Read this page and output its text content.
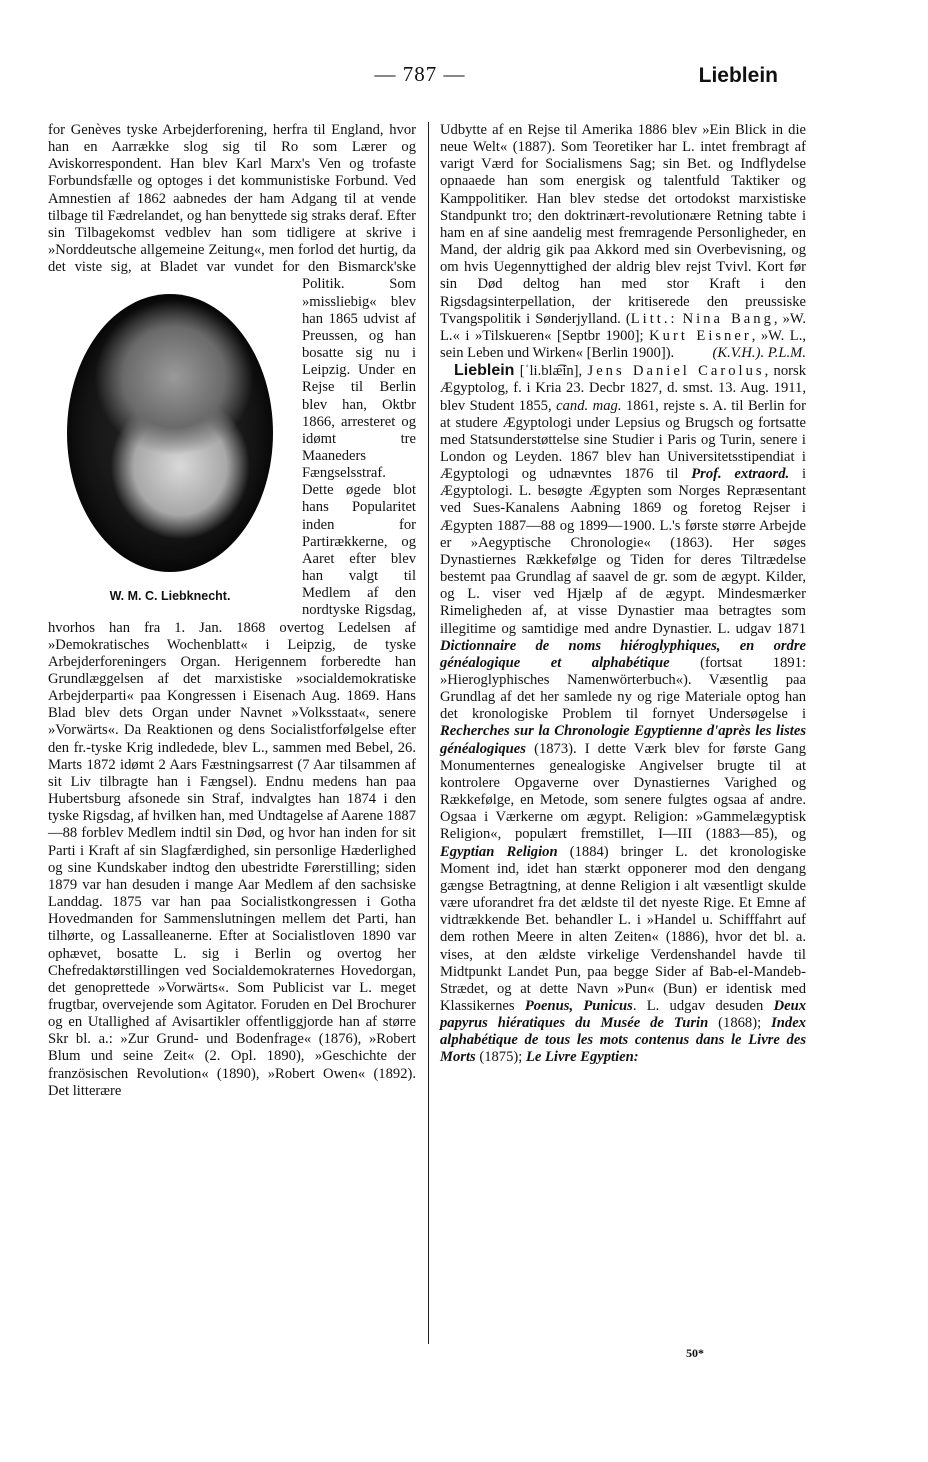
— 787 —	Lieblein

for Genèves tyske Arbejderforening, herfra til England, hvor han en Aarrække slog sig til Ro som Lærer og Aviskorrespondent. Han blev Karl Marx's Ven og trofaste Forbundsfælle og optoges i det kommunistiske Forbund. Ved Amnestien af 1862 aabnedes der ham Adgang til at vende tilbage til Fædrelandet, og han benyttede sig straks deraf. Efter sin Tilbagekomst vedblev han som tidligere at skrive i »Norddeutsche allgemeine Zeitung«, men forlod det hurtig, da det viste sig, at Bladet var
W. M. C. Liebknecht.
vundet for den Bismarck'ske Politik. Som »missliebig« blev han 1865 udvist af Preussen, og han bosatte sig nu i Leipzig. Under en Rejse til Berlin blev han, Oktbr 1866, arresteret og idømt tre Maaneders Fængselsstraf. Dette øgede blot hans Popularitet inden for Partirækkerne, og Aaret efter blev han valgt til Medlem af den nordtyske Rigsdag, hvorhos han fra 1. Jan. 1868 overtog Ledelsen af »Demokratisches Wochenblatt« i Leipzig, de tyske Arbejderforeningers Organ. Herigennem forberedte han Grundlæggelsen af det marxistiske »socialdemokratiske Arbejderparti« paa Kongressen i Eisenach Aug. 1869. Hans Blad blev dets Organ under Navnet »Volksstaat«, senere »Vorwärts«. Da Reaktionen og dens Socialistforfølgelse efter den fr.-tyske Krig indledede, blev L., sammen med Bebel, 26. Marts 1872 idømt 2 Aars Fæstningsarrest (7 Aar tilsammen af sit Liv tilbragte han i Fængsel). Endnu medens han paa Hubertsburg afsonede sin Straf, indvalgtes han 1874 i den tyske Rigsdag, af hvilken han, med Undtagelse af Aarene 1887—88 forblev Medlem indtil sin Død, og hvor han inden for sit Parti i Kraft af sin Slagfærdighed, sin personlige Hæderlighed og sine Kundskaber indtog den ubestridte Førerstilling; siden 1879 var han desuden i mange Aar Medlem af den sachsiske Landdag. 1875 var han paa Socialistkongressen i Gotha Hovedmanden for Sammenslutningen mellem det Parti, han tilhørte, og Lassalleanerne. Efter at Socialistloven 1890 var ophævet, bosatte L. sig i Berlin og overtog her Chefredaktørstillingen ved Socialdemokraternes Hovedorgan, det genoprettede »Vorwärts«. Som Publicist var L. meget frugtbar, overvejende som Agitator. Foruden en Del Brochurer og en Utallighed af Avisartikler offentliggjorde han af større Skr bl. a.: »Zur Grund- und Bodenfrage« (1876), »Robert Blum und seine Zeit« (2. Opl. 1890), »Geschichte der französischen Revolution« (1890), »Robert Owen« (1892). Det litterære

Udbytte af en Rejse til Amerika 1886 blev »Ein Blick in die neue Welt« (1887). Som Teoretiker har L. intet frembragt af varigt Værd for Socialismens Sag; sin Bet. og Indflydelse opnaaede han som energisk og talentfuld Taktiker og Kamppolitiker. Han blev stedse det ortodokst marxistiske Standpunkt tro; den doktrinært-revolutionære Retning tabte i ham en af sine aandelig mest fremragende Personligheder, en Mand, der aldrig gik paa Akkord med sin Overbevisning, og om hvis Uegennyttighed der aldrig blev rejst Tvivl. Kort før sin Død deltog han med stor Kraft i den Rigsdagsinterpellation, der kritiserede den preussiske Tvangspolitik i Sønderjylland. (Litt.: Nina Bang, »W. L.« i »Tilskueren« [Septbr 1900]; Kurt Eisner, »W. L., sein Leben und Wirken« [Berlin 1900]).	(K.V.H.). P.L.M.

Lieblein [ˈli.blæ͡in], Jens Daniel Carolus, norsk Ægyptolog, f. i Kria 23. Decbr 1827, d. smst. 13. Aug. 1911, blev Student 1855, cand. mag. 1861, rejste s. A. til Berlin for at studere Ægyptologi under Lepsius og Brugsch og fortsatte med Statsunderstøttelse sine Studier i Paris og Turin, senere i London og Leyden. 1867 blev han Universitetsstipendiat i Ægyptologi og udnævntes 1876 til Prof. extraord. i Ægyptologi. L. besøgte Ægypten som Norges Repræsentant ved Sues-Kanalens Aabning 1869 og foretog Rejser i Ægypten 1887—88 og 1899—1900. L.'s første større Arbejde er »Aegyptische Chronologie« (1863). Her søges Dynastiernes Rækkefølge og Tiden for deres Tiltrædelse bestemt paa Grundlag af saavel de gr. som de ægypt. Kilder, og L. viser ved Hjælp af de ægypt. Mindesmærker Rimeligheden af, at visse Dynastier maa betragtes som illegitime og samtidige med andre Dynastier. L. udgav 1871 Dictionnaire de noms hiéroglyphiques, en ordre généalogique et alphabétique (fortsat 1891: »Hieroglyphisches Namenwörterbuch«). Væsentlig paa Grundlag af det her samlede ny og rige Materiale optog han det kronologiske Problem til fornyet Undersøgelse i Recherches sur la Chronologie Egyptienne d'après les listes généalogiques (1873). I dette Værk blev for første Gang Monumenternes genealogiske Angivelser brugte til at kontrolere Opgaverne over Dynastiernes Varighed og Rækkefølge, en Metode, som senere fulgtes ogsaa af andre. Ogsaa i Værkerne om ægypt. Religion: »Gammelægyptisk Religion«, populært fremstillet, I—III (1883—85), og Egyptian Religion (1884) bringer L. det kronologiske Moment ind, idet han stærkt opponerer mod den dengang gængse Betragtning, at denne Religion i alt væsentligt skulde være uforandret fra det ældste til det nyeste Rige. Et Emne af vidtrækkende Bet. behandler L. i »Handel u. Schifffahrt auf dem rothen Meere in alten Zeiten« (1886), hvor det bl. a. vises, at den ældste virkelige Verdenshandel havde til Midtpunkt Landet Pun, paa begge Sider af Bab-el-Mandeb-Strædet, og at dette Navn »Pun« (Bun) er identisk med Klassikernes Poenus, Punicus. L. udgav desuden Deux papyrus hiératiques du Musée de Turin (1868); Index alphabétique de tous les mots contenus dans le Livre des Morts (1875); Le Livre Egyptien:

50*
